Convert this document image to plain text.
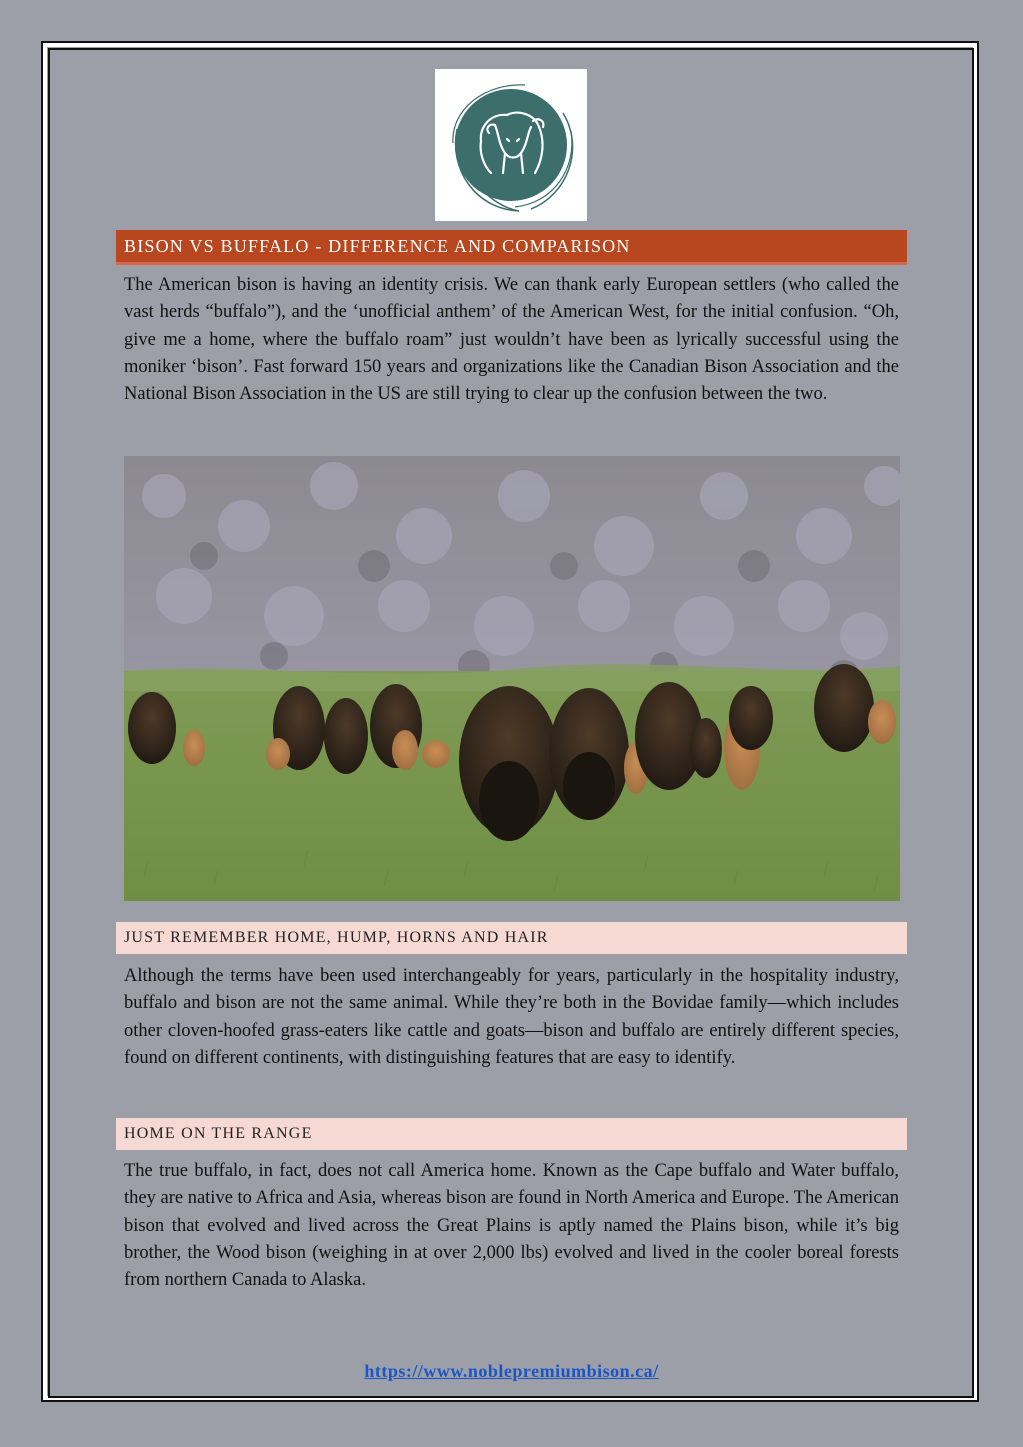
BISON VS BUFFALO - DIFFERENCE AND COMPARISON

The American bison is having an identity crisis. We can thank early European settlers (who called the vast herds “buffalo”), and the ‘unofficial anthem’ of the American West, for the initial confusion. “Oh, give me a home, where the buffalo roam” just wouldn’t have been as lyrically successful using the moniker ‘bison’. Fast forward 150 years and organizations like the Canadian Bison Association and the National Bison Association in the US are still trying to clear up the confusion between the two.

JUST REMEMBER HOME, HUMP, HORNS AND HAIR

Although the terms have been used interchangeably for years, particularly in the hospitality industry, buffalo and bison are not the same animal. While they’re both in the Bovidae family—which includes other cloven-hoofed grass-eaters like cattle and goats—bison and buffalo are entirely different species, found on different continents, with distinguishing features that are easy to identify.

HOME ON THE RANGE

The true buffalo, in fact, does not call America home. Known as the Cape buffalo and Water buffalo, they are native to Africa and Asia, whereas bison are found in North America and Europe. The American bison that evolved and lived across the Great Plains is aptly named the Plains bison, while it’s big brother, the Wood bison (weighing in at over 2,000 lbs) evolved and lived in the cooler boreal forests from northern Canada to Alaska.

https://www.noblepremiumbison.ca/
